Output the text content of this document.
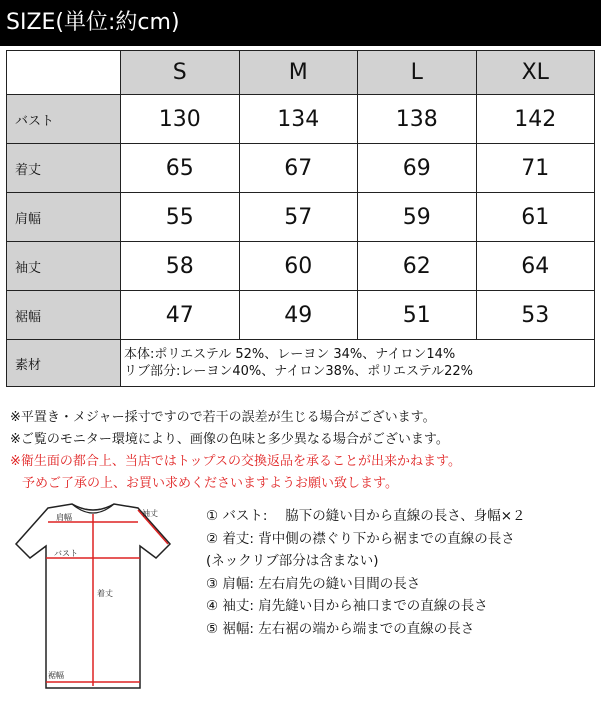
SIZE(単位:約cm)
	S	M	L	XL
バスト	130	134	138	142
着丈	65	67	69	71
肩幅	55	57	59	61
袖丈	58	60	62	64
裾幅	47	49	51	53
素材	本体:ポリエステル 52%、レーヨン 34%、ナイロン14%
リブ部分:レーヨン40%、ナイロン38%、ポリエステル22%			
※平置き・メジャー採寸ですので若干の誤差が生じる場合がございます。
※ご覧のモニター環境により、画像の色味と多少異なる場合がございます。
※衛生面の都合上、当店ではトップスの交換返品を承ることが出来かねます。
予めご了承の上、お買い求めくださいますようお願い致します。
肩幅	袖丈
バスト
着丈
裾幅
① バスト:　 脇下の縫い目から直線の長さ、身幅×２
② 着丈: 背中側の襟ぐり下から裾までの直線の長さ
(ネックリブ部分は含まない)
③ 肩幅: 左右肩先の縫い目間の長さ
④ 袖丈: 肩先縫い目から袖口までの直線の長さ
⑤ 裾幅: 左右裾の端から端までの直線の長さ
